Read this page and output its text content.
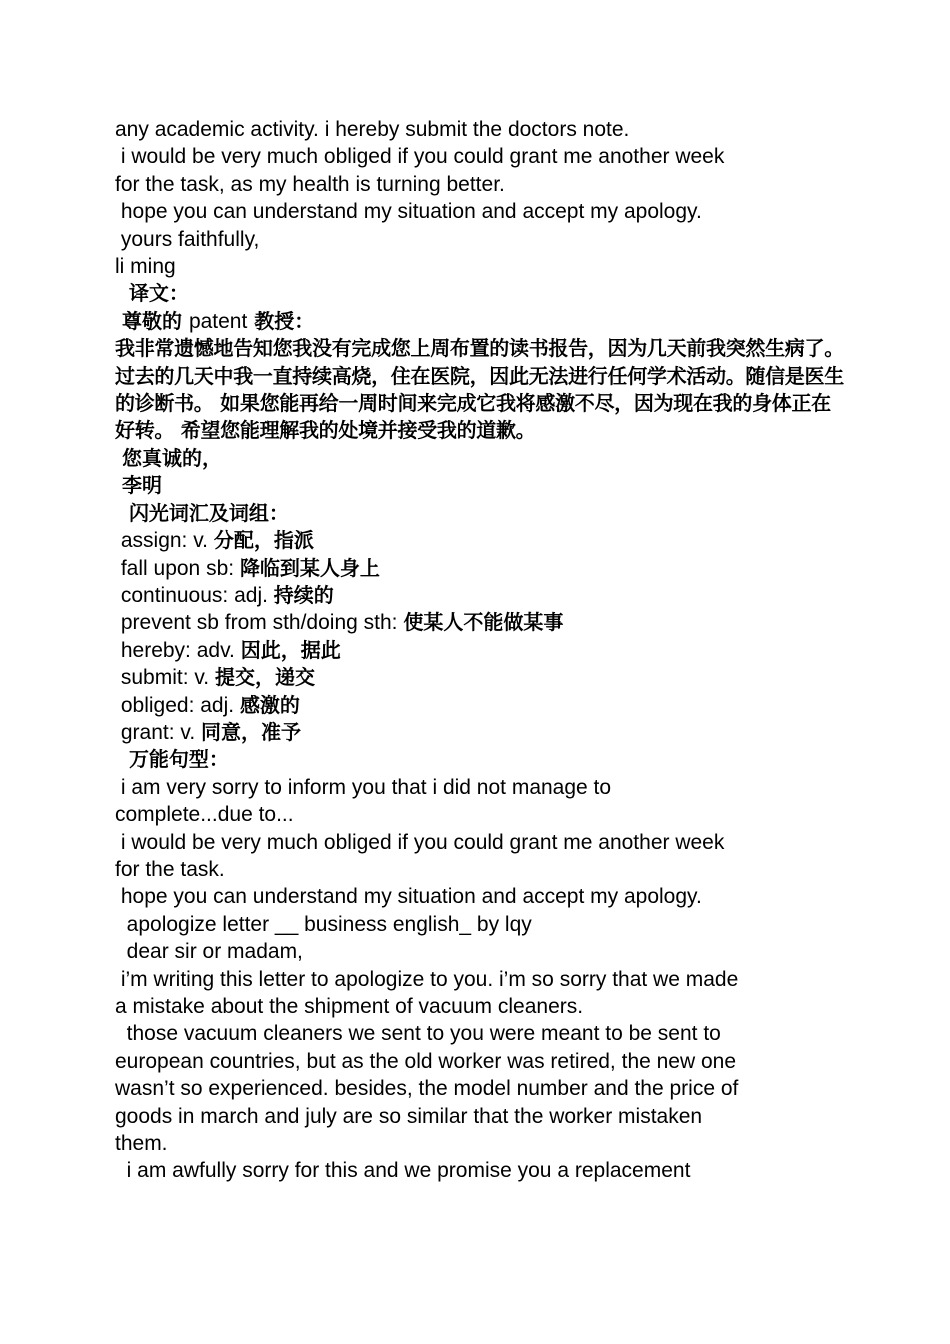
any academic activity. i hereby submit the doctors note.

i would be very much obliged if you could grant me another week

for the task, as my health is turning better.

hope you can understand my situation and accept my apology.

yours faithfully,

li ming

译文：

尊敬的 patent 教授：

我非常遗憾地告知您我没有完成您上周布置的读书报告，因为几天前我突然生病了。过去的几天中我一直持续高烧，住在医院，因此无法进行任何学术活动。随信是医生的诊断书。 如果您能再给一周时间来完成它我将感激不尽，因为现在我的身体正在好转。 希望您能理解我的处境并接受我的道歉。

您真诚的，

李明

闪光词汇及词组：

assign: v. 分配，指派

fall upon sb: 降临到某人身上

continuous: adj. 持续的

prevent sb from sth/doing sth: 使某人不能做某事

hereby: adv. 因此，据此

submit: v. 提交，递交

obliged: adj. 感激的

grant: v. 同意，准予

万能句型：

i am very sorry to inform you that i did not manage to

complete...due to...

i would be very much obliged if you could grant me another week

for the task.

hope you can understand my situation and accept my apology.

apologize letter __ business english_ by lqy

dear sir or madam,

i’m writing this letter to apologize to you. i’m so sorry that we made

a mistake about the shipment of vacuum cleaners.

those vacuum cleaners we sent to you were meant to be sent to

european countries, but as the old worker was retired, the new one

wasn’t so experienced. besides, the model number and the price of

goods in march and july are so similar that the worker mistaken

them.

i am awfully sorry for this and we promise you a replacement
